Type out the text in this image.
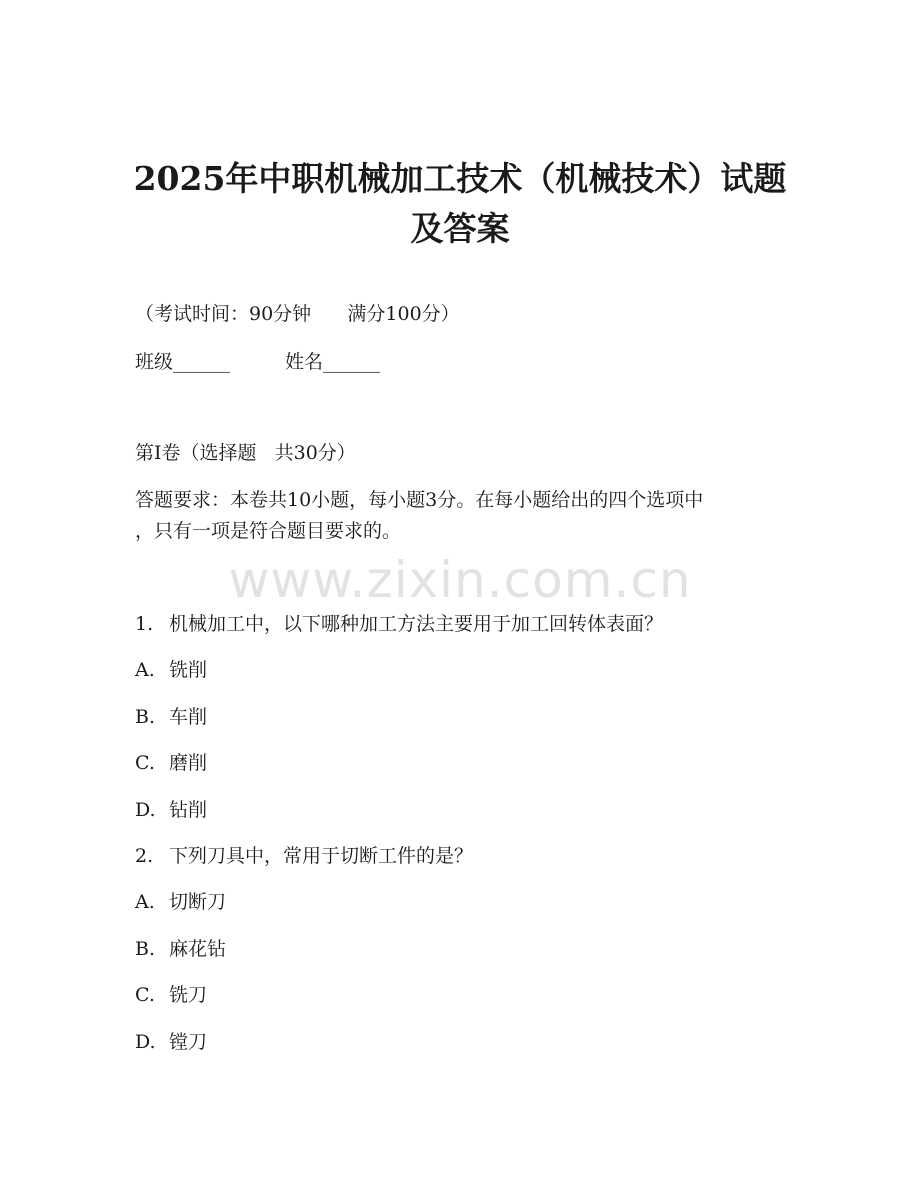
2025年中职机械加工技术（机械技术）试题
及答案
（考试时间：90分钟      满分100分）
班级______	姓名______
第Ⅰ卷（选择题   共30分）
答题要求：本卷共10小题，每小题3分。在每小题给出的四个选项中
，只有一项是符合题目要求的。
www.zixin.com.cn
1. 机械加工中，以下哪种加工方法主要用于加工回转体表面？
A. 铣削
B. 车削
C. 磨削
D. 钻削
2. 下列刀具中，常用于切断工件的是？
A. 切断刀
B. 麻花钻
C. 铣刀
D. 镗刀
